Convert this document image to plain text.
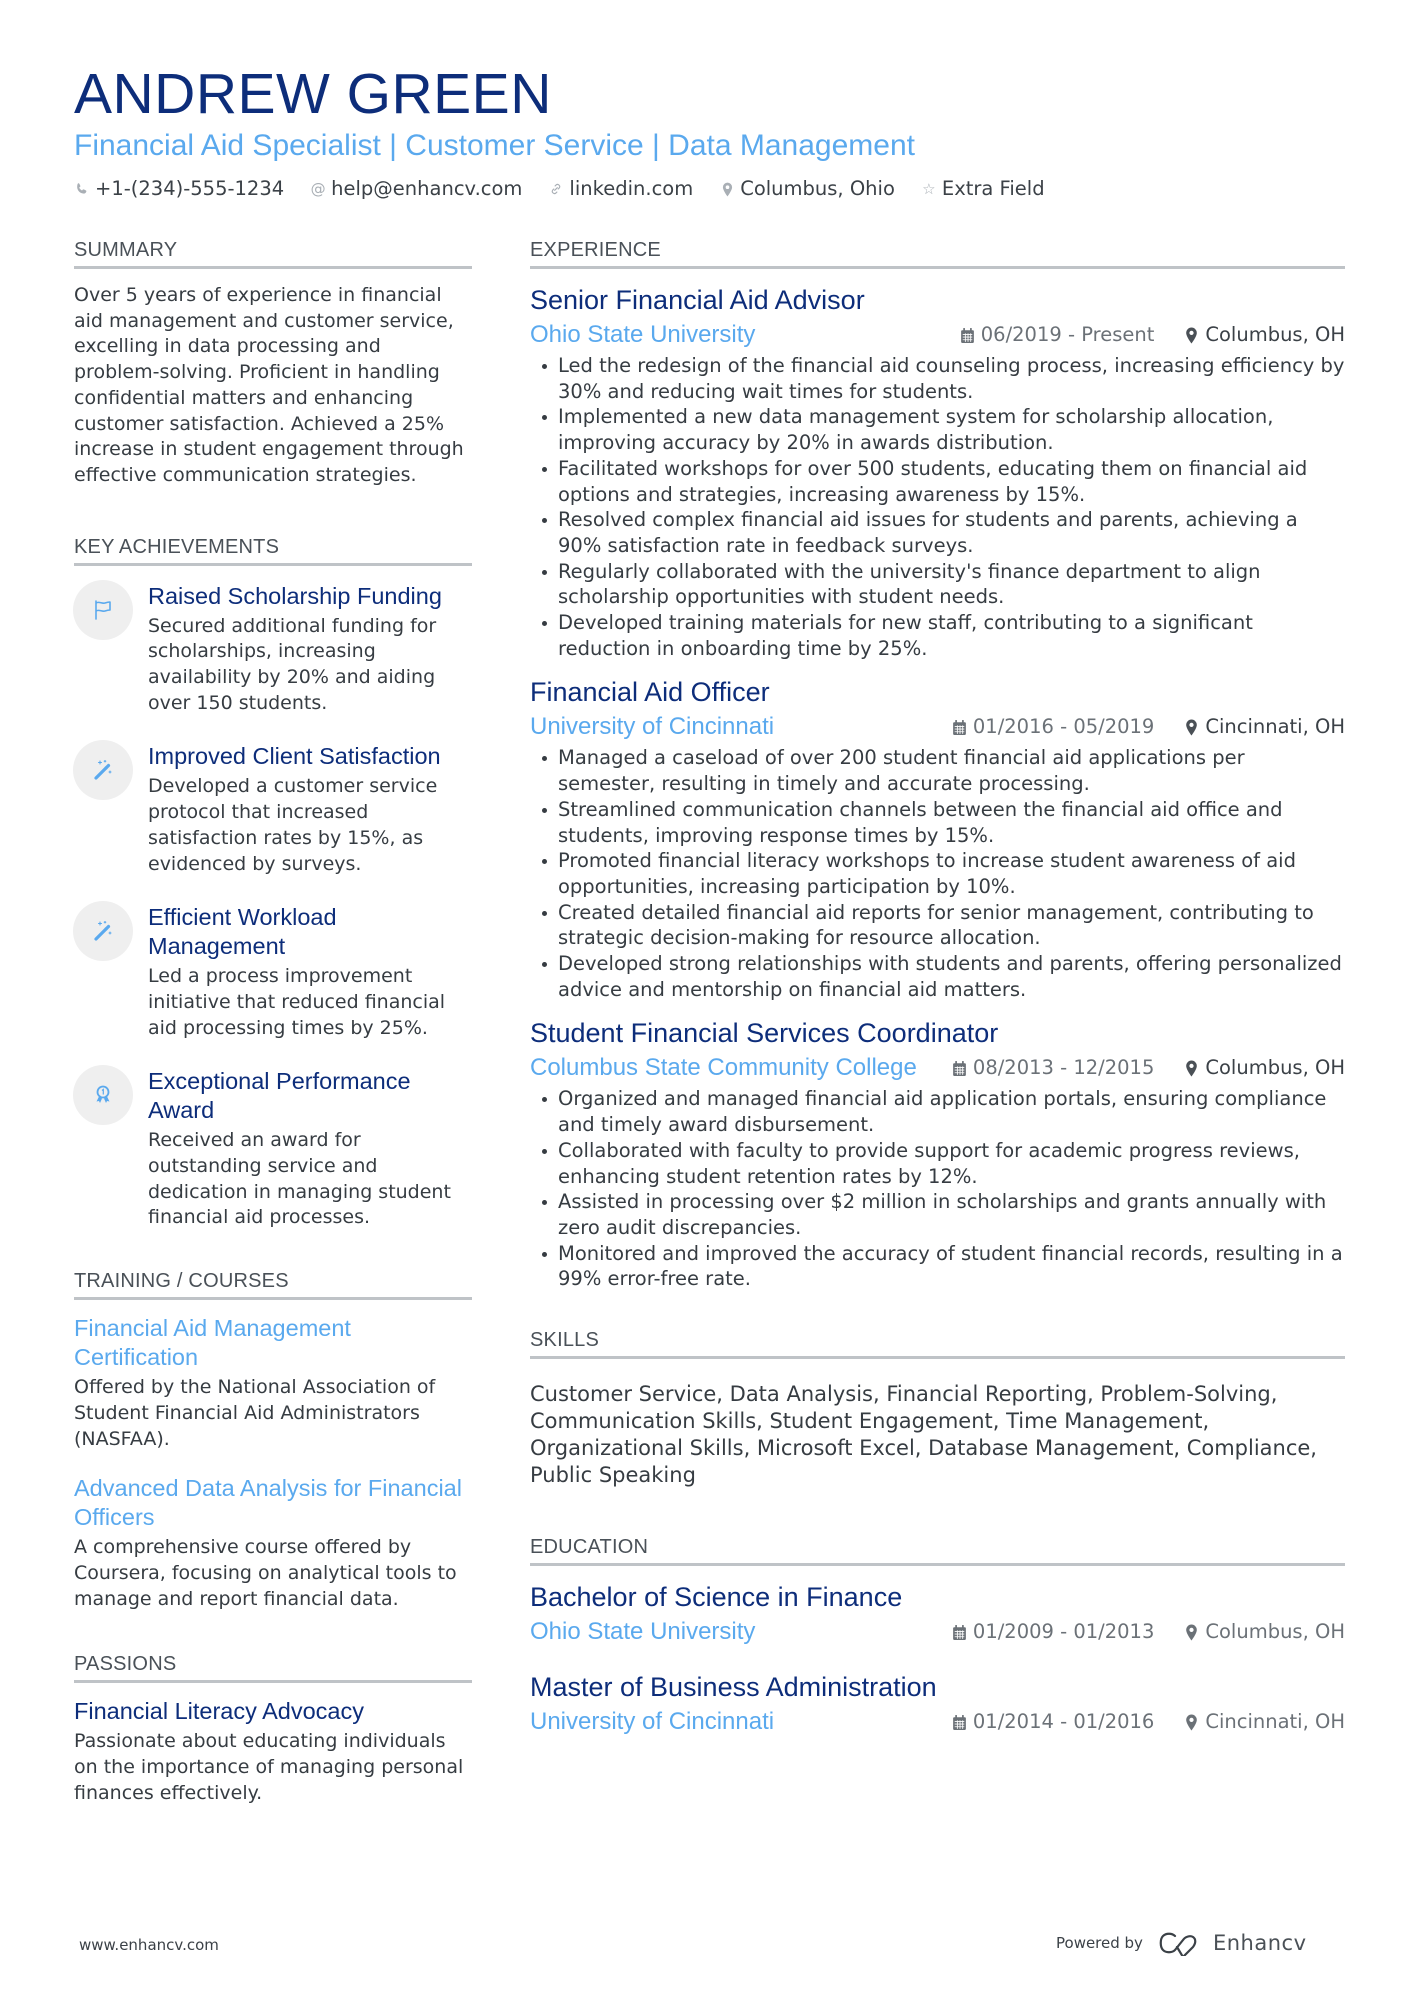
ANDREW GREEN
Financial Aid Specialist | Customer Service | Data Management
+1-(234)-555-1234 @ help@enhancv.com linkedin.com Columbus, Ohio ☆ Extra Field
SUMMARY

Over 5 years of experience in financial aid management and customer service, excelling in data processing and problem-solving. Proficient in handling confidential matters and enhancing customer satisfaction. Achieved a 25% increase in student engagement through effective communication strategies.

KEY ACHIEVEMENTS
Raised Scholarship Funding
Secured additional funding for scholarships, increasing availability by 20% and aiding over 150 students.
Improved Client Satisfaction
Developed a customer service protocol that increased satisfaction rates by 15%, as evidenced by surveys.
Efficient Workload Management
Led a process improvement initiative that reduced financial aid processing times by 25%.
Exceptional Performance Award
Received an award for outstanding service and dedication in managing student financial aid processes.
TRAINING / COURSES
Financial Aid Management Certification
Offered by the National Association of Student Financial Aid Administrators (NASFAA).
Advanced Data Analysis for Financial Officers
A comprehensive course offered by Coursera, focusing on analytical tools to manage and report financial data.
PASSIONS
Financial Literacy Advocacy
Passionate about educating individuals on the importance of managing personal finances effectively.
EXPERIENCE
Senior Financial Aid Advisor
Ohio State University	06/2019 - Present	Columbus, OH
Led the redesign of the financial aid counseling process, increasing efficiency by 30% and reducing wait times for students.
Implemented a new data management system for scholarship allocation, improving accuracy by 20% in awards distribution.
Facilitated workshops for over 500 students, educating them on financial aid options and strategies, increasing awareness by 15%.
Resolved complex financial aid issues for students and parents, achieving a 90% satisfaction rate in feedback surveys.
Regularly collaborated with the university's finance department to align scholarship opportunities with student needs.
Developed training materials for new staff, contributing to a significant reduction in onboarding time by 25%.
Financial Aid Officer
University of Cincinnati	01/2016 - 05/2019	Cincinnati, OH
Managed a caseload of over 200 student financial aid applications per semester, resulting in timely and accurate processing.
Streamlined communication channels between the financial aid office and students, improving response times by 15%.
Promoted financial literacy workshops to increase student awareness of aid opportunities, increasing participation by 10%.
Created detailed financial aid reports for senior management, contributing to strategic decision-making for resource allocation.
Developed strong relationships with students and parents, offering personalized advice and mentorship on financial aid matters.
Student Financial Services Coordinator
Columbus State Community College	08/2013 - 12/2015	Columbus, OH
Organized and managed financial aid application portals, ensuring compliance and timely award disbursement.
Collaborated with faculty to provide support for academic progress reviews, enhancing student retention rates by 12%.
Assisted in processing over $2 million in scholarships and grants annually with zero audit discrepancies.
Monitored and improved the accuracy of student financial records, resulting in a 99% error-free rate.
SKILLS

Customer Service, Data Analysis, Financial Reporting, Problem-Solving, Communication Skills, Student Engagement, Time Management, Organizational Skills, Microsoft Excel, Database Management, Compliance, Public Speaking

EDUCATION
Bachelor of Science in Finance
Ohio State University	01/2009 - 01/2013	Columbus, OH
Master of Business Administration
University of Cincinnati	01/2014 - 01/2016	Cincinnati, OH
www.enhancv.com	Powered by	Enhancv
